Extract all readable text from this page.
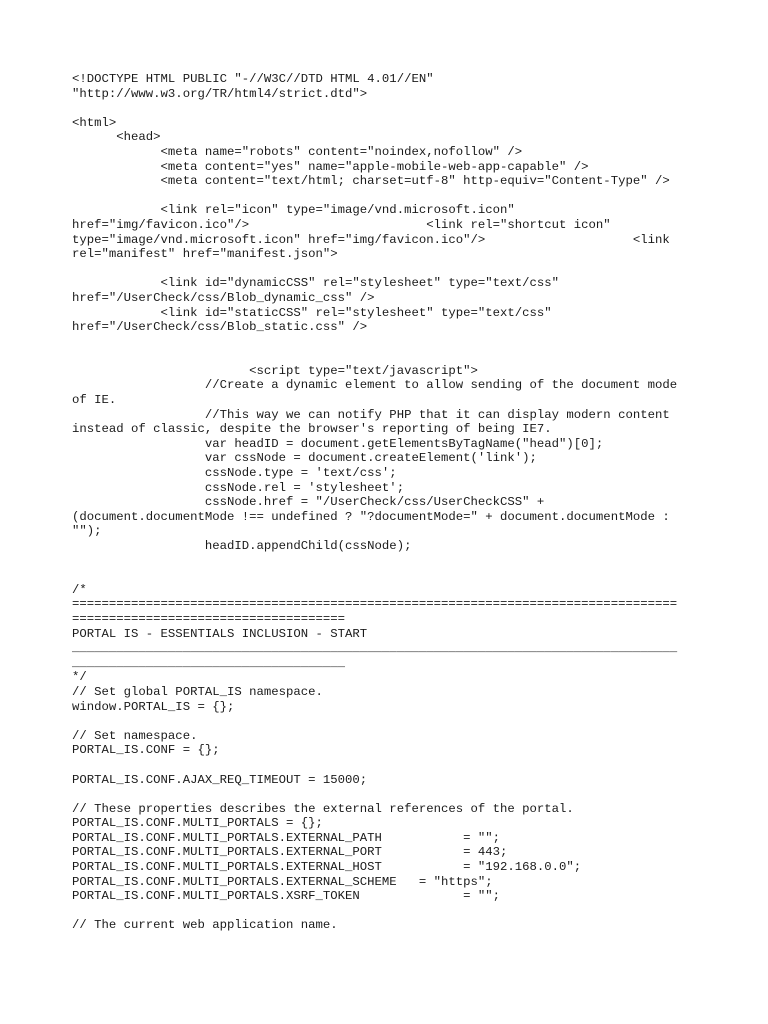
<!DOCTYPE HTML PUBLIC "-//W3C//DTD HTML 4.01//EN"
"http://www.w3.org/TR/html4/strict.dtd">
<html>
<head>
<meta name="robots" content="noindex,nofollow" />
<meta content="yes" name="apple-mobile-web-app-capable" />
<meta content="text/html; charset=utf-8" http-equiv="Content-Type" />
<link rel="icon" type="image/vnd.microsoft.icon"
href="img/favicon.ico"/>                        <link rel="shortcut icon"
type="image/vnd.microsoft.icon" href="img/favicon.ico"/>                    <link
rel="manifest" href="manifest.json">
<link id="dynamicCSS" rel="stylesheet" type="text/css"
href="/UserCheck/css/Blob_dynamic_css" />
<link id="staticCSS" rel="stylesheet" type="text/css"
href="/UserCheck/css/Blob_static.css" />
<script type="text/javascript">
//Create a dynamic element to allow sending of the document mode
of IE.
//This way we can notify PHP that it can display modern content
instead of classic, despite the browser's reporting of being IE7.
var headID = document.getElementsByTagName("head")[0];
var cssNode = document.createElement('link');
cssNode.type = 'text/css';
cssNode.rel = 'stylesheet';
cssNode.href = "/UserCheck/css/UserCheckCSS" +
(document.documentMode !== undefined ? "?documentMode=" + document.documentMode :
"");
headID.appendChild(cssNode);
/*
==================================================================================
=====================================
PORTAL IS - ESSENTIALS INCLUSION - START
__________________________________________________________________________________
_____________________________________
*/
// Set global PORTAL_IS namespace.
window.PORTAL_IS = {};
// Set namespace.
PORTAL_IS.CONF = {};
PORTAL_IS.CONF.AJAX_REQ_TIMEOUT = 15000;
// These properties describes the external references of the portal.
PORTAL_IS.CONF.MULTI_PORTALS = {};
PORTAL_IS.CONF.MULTI_PORTALS.EXTERNAL_PATH           = "";
PORTAL_IS.CONF.MULTI_PORTALS.EXTERNAL_PORT           = 443;
PORTAL_IS.CONF.MULTI_PORTALS.EXTERNAL_HOST           = "192.168.0.0";
PORTAL_IS.CONF.MULTI_PORTALS.EXTERNAL_SCHEME   = "https";
PORTAL_IS.CONF.MULTI_PORTALS.XSRF_TOKEN              = "";
// The current web application name.
